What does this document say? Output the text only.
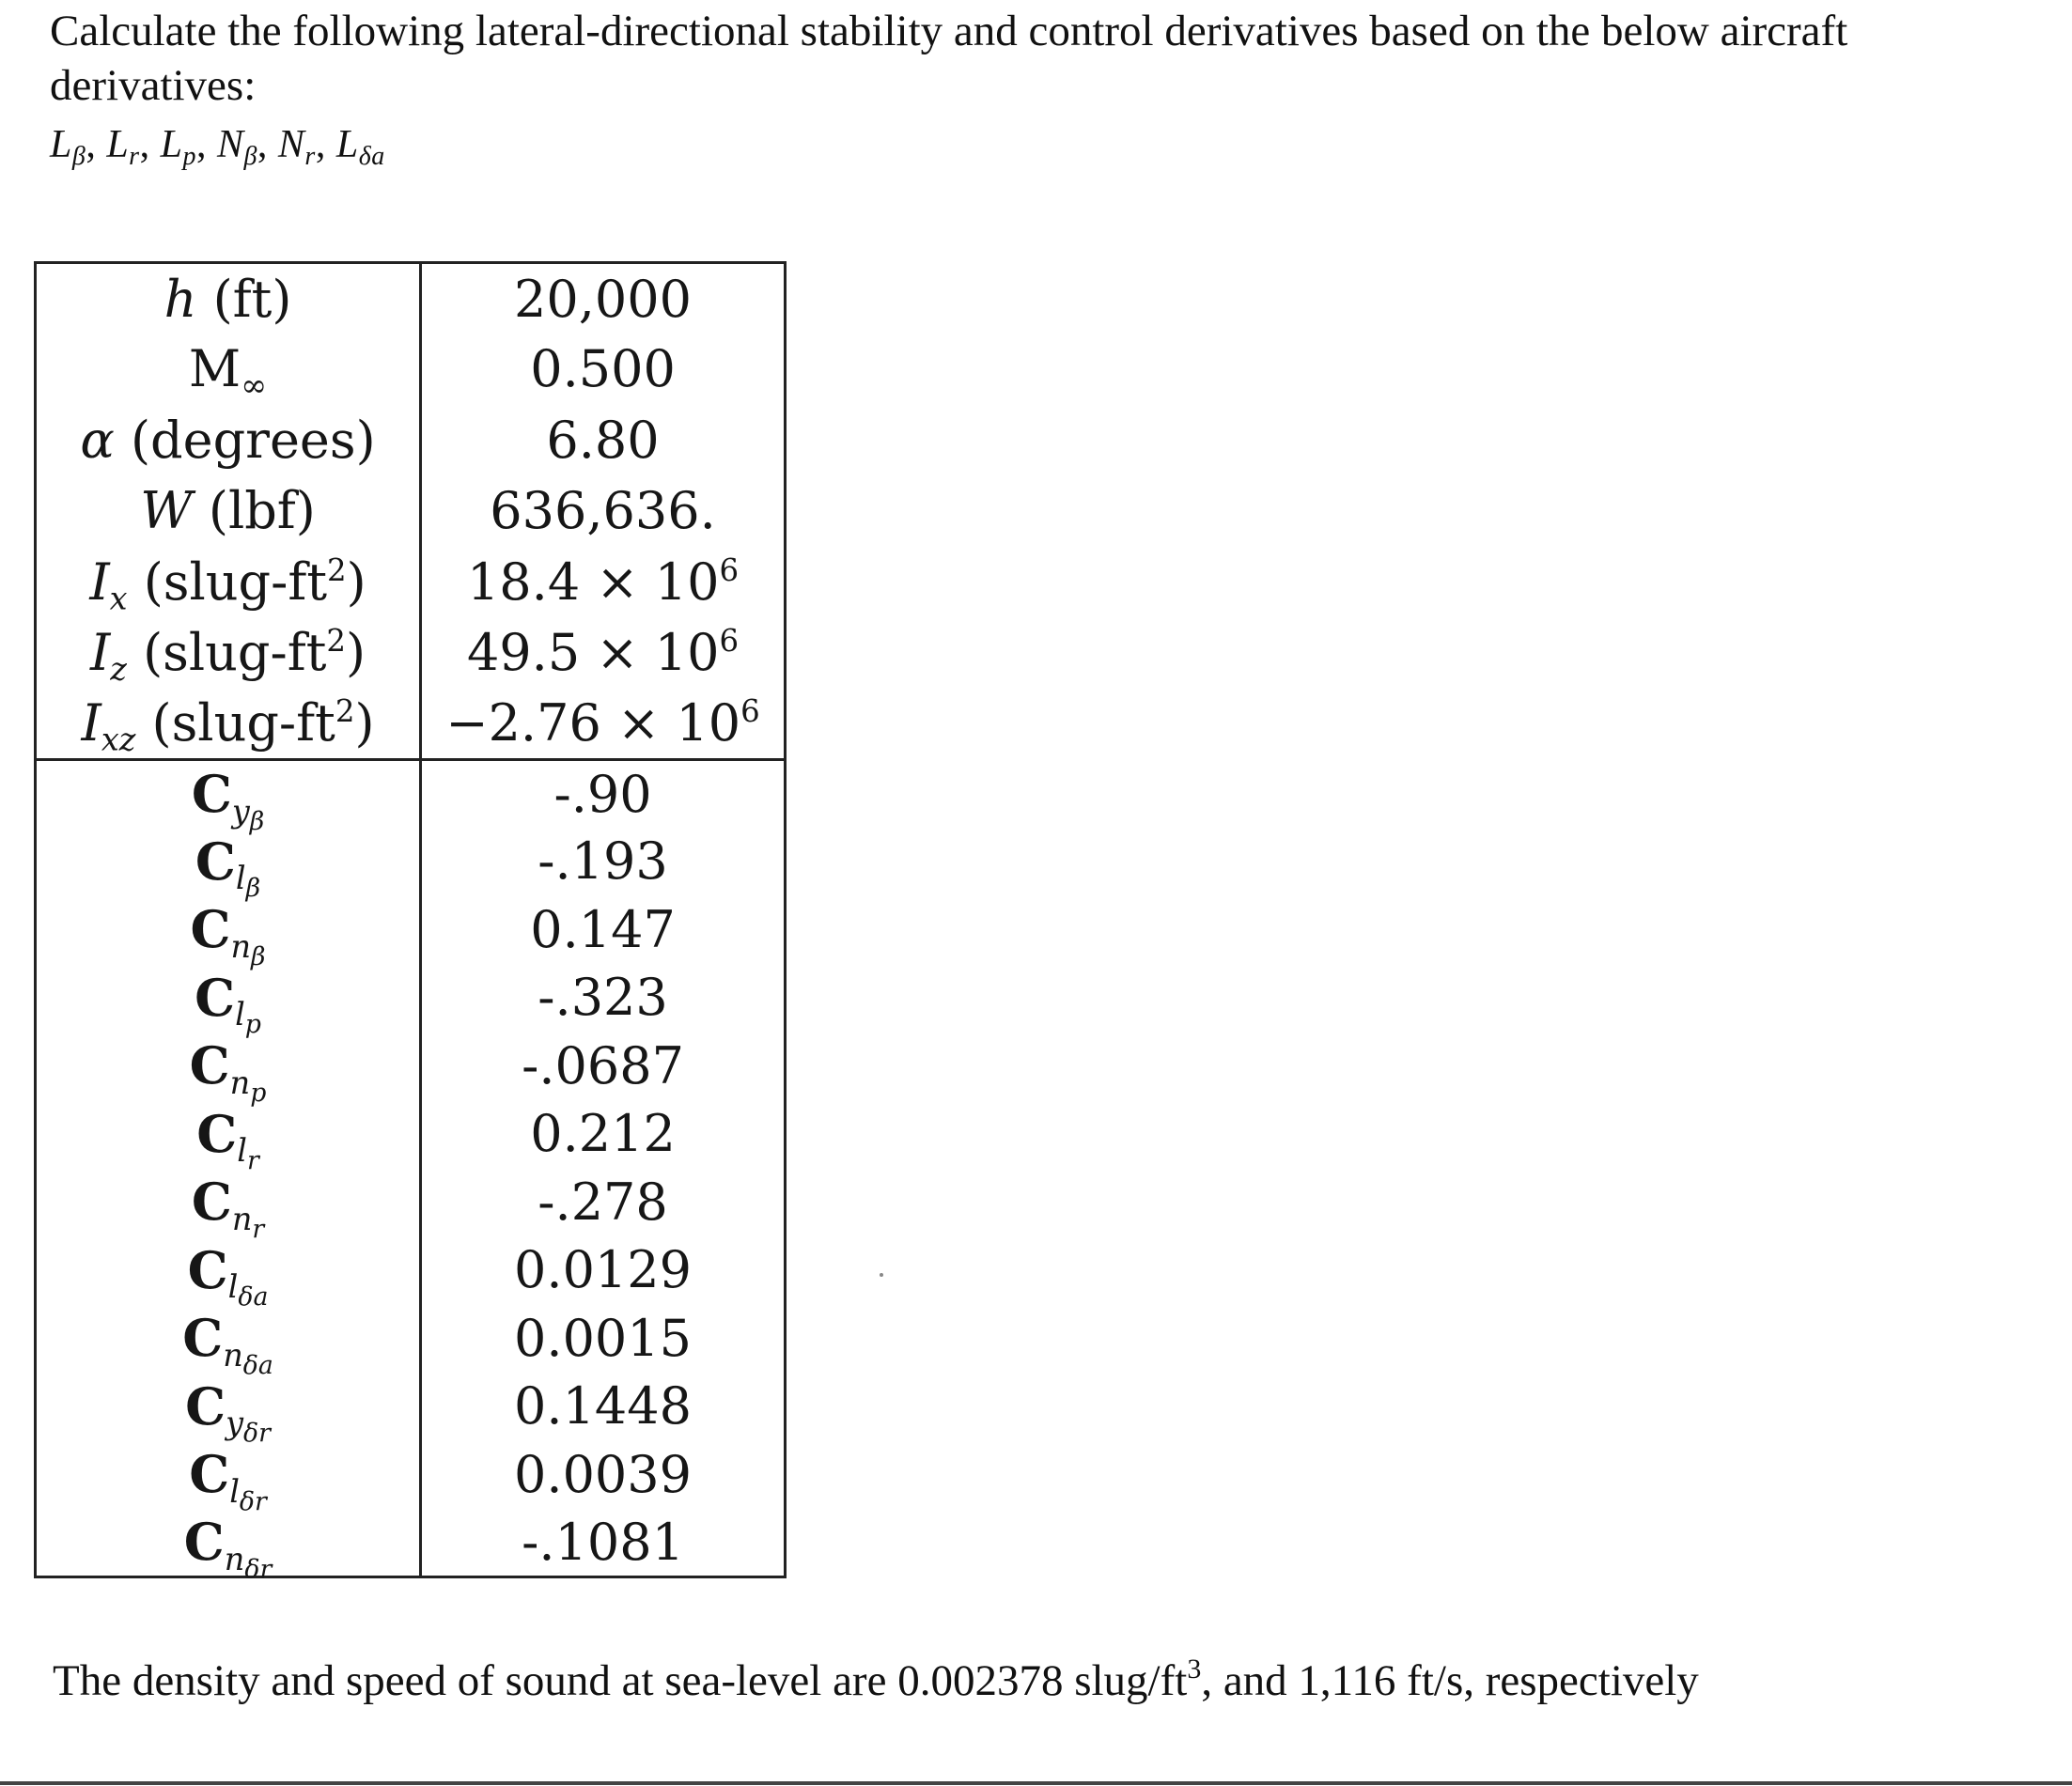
Calculate the following lateral-directional stability and control derivatives based on the below aircraft derivatives:
$L_\beta$, $L_r$, $L_p$, $N_\beta$, $N_r$, $L_{\delta a}$
h (ft)	20,000
$M_\infty$	0.500
α (degrees)	6.80
W (lbf)	636,636.
$I_x$ $(slug-ft^2)$	$18.4 \times 10^6$
$I_z$ $(slug-ft^2)$	$49.5 \times 10^6$
$I_{xz}$ $(slug-ft^2)$	$-2.76 \times 10^6$
$C_{y_\beta}$	-.90
$C_{l_\beta}$	-.193
$C_{n_\beta}$	0.147
$C_{l_p}$	-.323
$C_{n_p}$	-.0687
$C_{l_r}$	0.212
$C_{n_r}$	-.278
$C_{l_{\delta a}}$	0.0129
$C_{n_{\delta a}}$	0.0015
$C_{y_{\delta r}}$	0.1448
$C_{l_{\delta r}}$	0.0039
$C_{n_{\delta r}}$	-.1081
The density and speed of sound at sea-level are 0.002378 slug/$ft^3$, and 1,116 ft/s, respectively
